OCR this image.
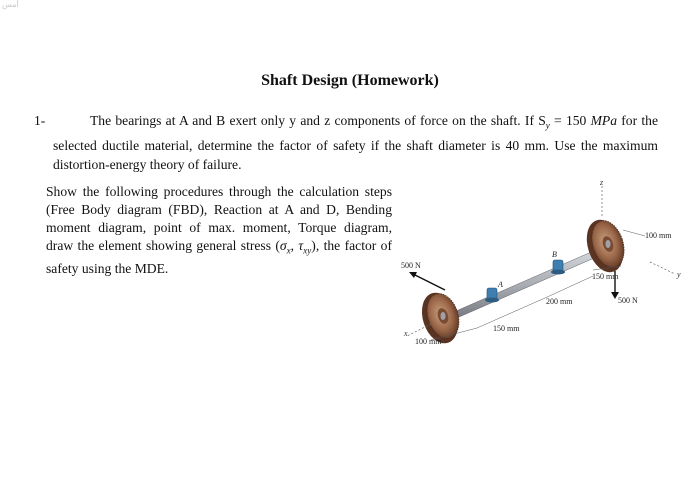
أمس
Shaft Design (Homework)
1-	The bearings at A and B exert only y and z components of force on the shaft. If $S_y = 150$ MPa for the selected ductile material, determine the factor of safety if the shaft diameter is 40 mm. Use the maximum distortion-energy theory of failure.

Show the following procedures through the calculation steps (Free Body diagram (FBD), Reaction at A and D, Bending moment diagram, point of max. moment, Torque diagram, draw the element showing general stress ($\sigma_x$, $\tau_{xy}$), the factor of safety using the MDE.

z
A
B
500 N
500 N
y
x
100 mm
150 mm
200 mm
150 mm
100 mm
